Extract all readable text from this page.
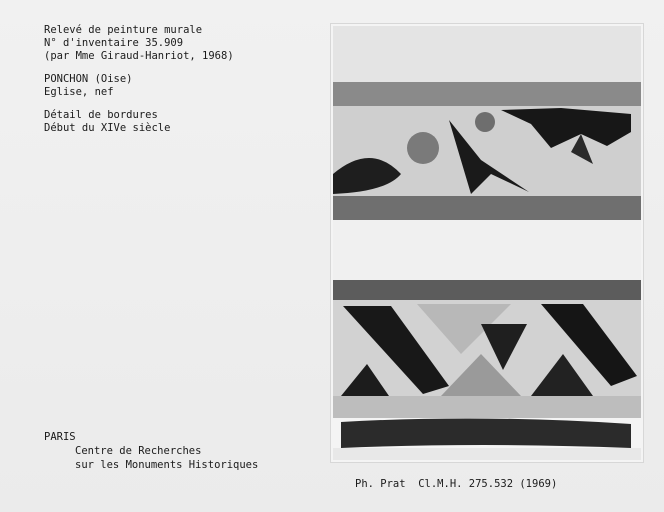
Relevé de peinture murale
N° d'inventaire 35.909
(par Mme Giraud-Hanriot, 1968)
PONCHON (Oise)
Eglise, nef
Détail de bordures
Début du XIVe siècle
PARIS
Centre de Recherches
sur les Monuments Historiques
Ph. Prat  Cl.M.H. 275.532 (1969)
